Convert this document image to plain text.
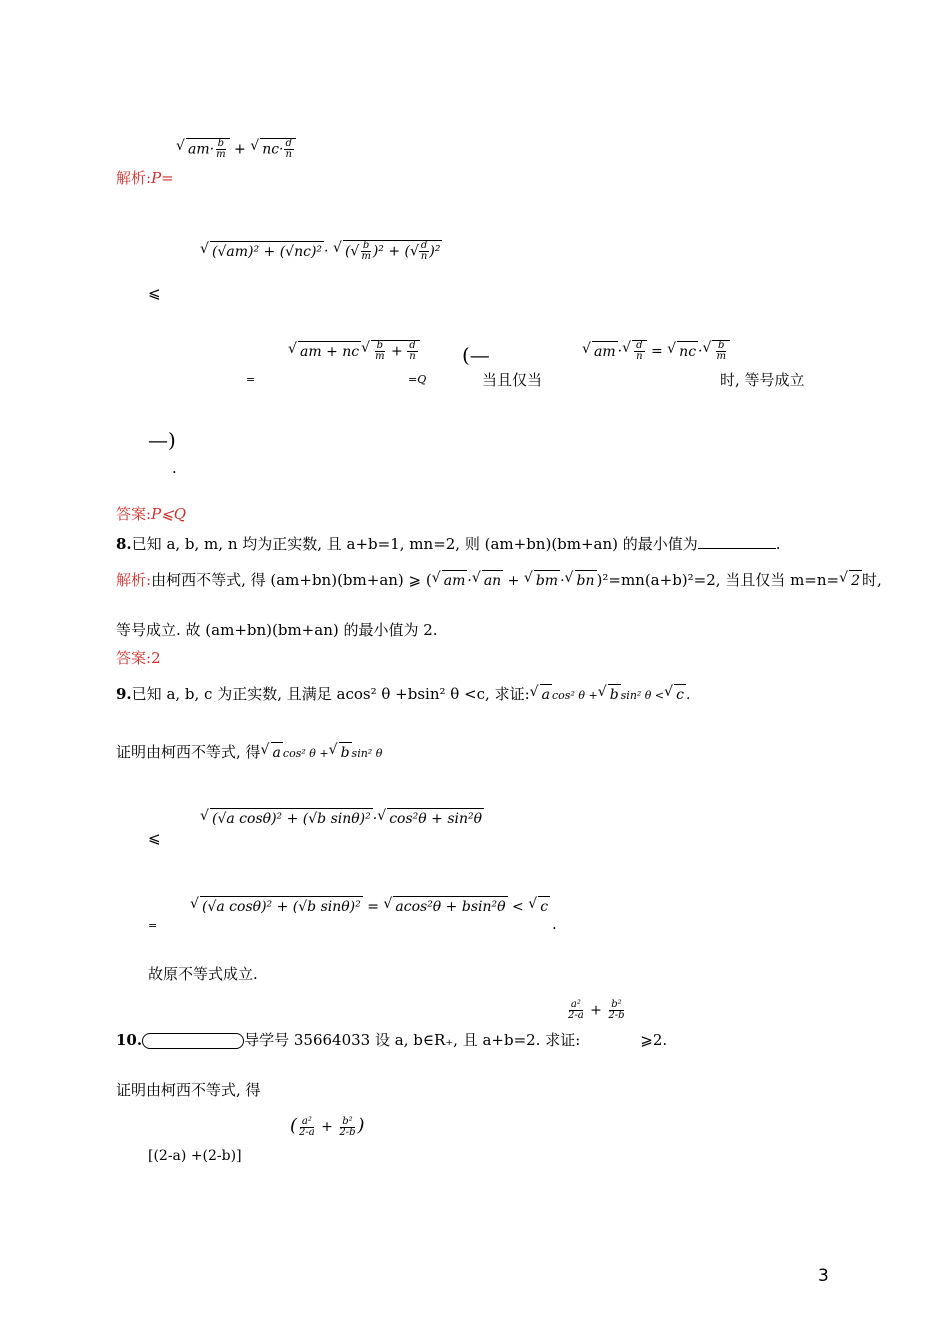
解析:P=
√ $am\cdot \frac{b}{m}$ + √ $nc\cdot \frac{d}{n}$
√ (√am)² + (√nc)² · √ (√ $\frac{b}{m} )^2$ + (√ $\frac{d}{n} )^2$
⩽
=
√ am + nc √ $\frac{b}{m} + \frac{d}{n}$
=Q
(—
当且仅当
√ am · √ $\frac{d}{n}$ = √ nc · √ $\frac{b}{m}$
时, 等号成立
—)
.
答案:P⩽Q
8.已知 a, b, m, n 均为正实数, 且 a+b=1, mn=2, 则 (am+bn)(bm+an) 的最小值为	.
解析:由柯西不等式, 得 (am+bn)(bm+an) ⩾ ( √ am · √ an + √ bm · √ bn )²=mn(a+b)²=2, 当且仅当 m=n= √ 2 时,
等号成立. 故 (am+bn)(bm+an) 的最小值为 2.
答案:2
9.已知 a, b, c 为正实数, 且满足 acos² θ +bsin² θ <c, 求证: √ a cos² θ + √ b sin² θ < √ c .
证明由柯西不等式, 得 √ a cos² θ + √ b sin² θ
⩽
√ (√a cosθ)² + (√b sinθ)² · √ cos²θ + sin²θ
=
√ (√a cosθ)² + (√b sinθ)² = √ acos²θ + bsin²θ < √ c
.
故原不等式成立.
$\frac{\text{a²}}{2-a} + \frac{\text{b²}}{2-b}$
10.	导学号 35664033 设 a, b∈R₊, 且 a+b=2. 求证:	⩾2.
证明由柯西不等式, 得
( $\frac{\text{a²}}{2-a} + \frac{\text{b²}}{2-b}$ )
[(2-a) +(2-b)]
3
